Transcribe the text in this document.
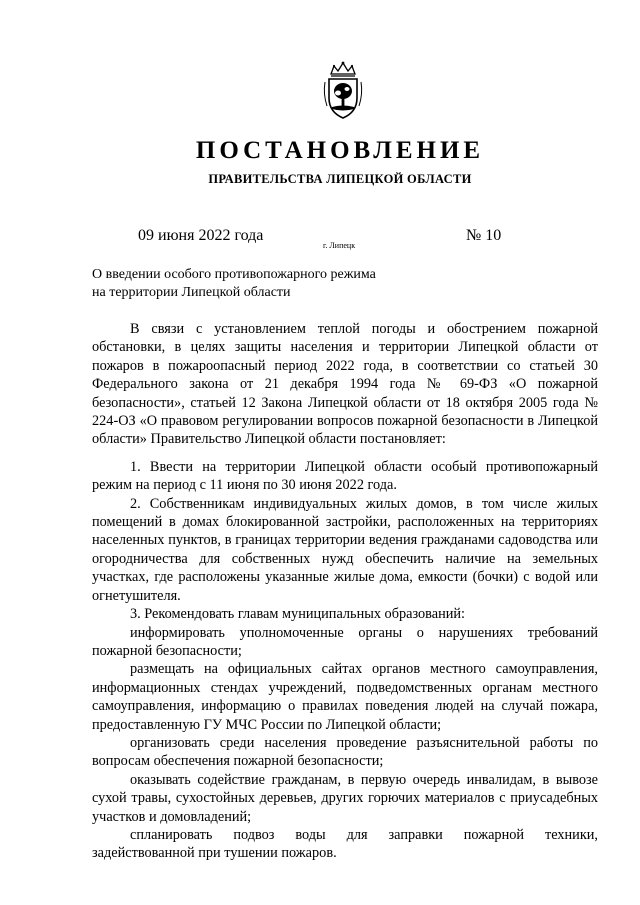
ПОСТАНОВЛЕНИЕ
ПРАВИТЕЛЬСТВА ЛИПЕЦКОЙ ОБЛАСТИ
09 июня 2022 года
г. Липецк
№ 10
О введении особого противопожарного режима
на территории Липецкой области

В связи с установлением теплой погоды и обострением пожарной обстановки, в целях защиты населения и территории Липецкой области от пожаров в пожароопасный период 2022 года, в соответствии со статьей 30 Федерального закона от 21 декабря 1994 года № 69-ФЗ «О пожарной безопасности», статьей 12 Закона Липецкой области от 18 октября 2005 года № 224-ОЗ «О правовом регулировании вопросов пожарной безопасности в Липецкой области» Правительство Липецкой области постановляет:

1. Ввести на территории Липецкой области особый противопожарный режим на период с 11 июня по 30 июня 2022 года.

2. Собственникам индивидуальных жилых домов, в том числе жилых помещений в домах блокированной застройки, расположенных на территориях населенных пунктов, в границах территории ведения гражданами садоводства или огородничества для собственных нужд обеспечить наличие на земельных участках, где расположены указанные жилые дома, емкости (бочки) с водой или огнетушителя.

3. Рекомендовать главам муниципальных образований:

информировать уполномоченные органы о нарушениях требований пожарной безопасности;

размещать на официальных сайтах органов местного самоуправления, информационных стендах учреждений, подведомственных органам местного самоуправления, информацию о правилах поведения людей на случай пожара, предоставленную ГУ МЧС России по Липецкой области;

организовать среди населения проведение разъяснительной работы по вопросам обеспечения пожарной безопасности;

оказывать содействие гражданам, в первую очередь инвалидам, в вывозе сухой травы, сухостойных деревьев, других горючих материалов с приусадебных участков и домовладений;

спланировать подвоз воды для заправки пожарной техники, задействованной при тушении пожаров.
